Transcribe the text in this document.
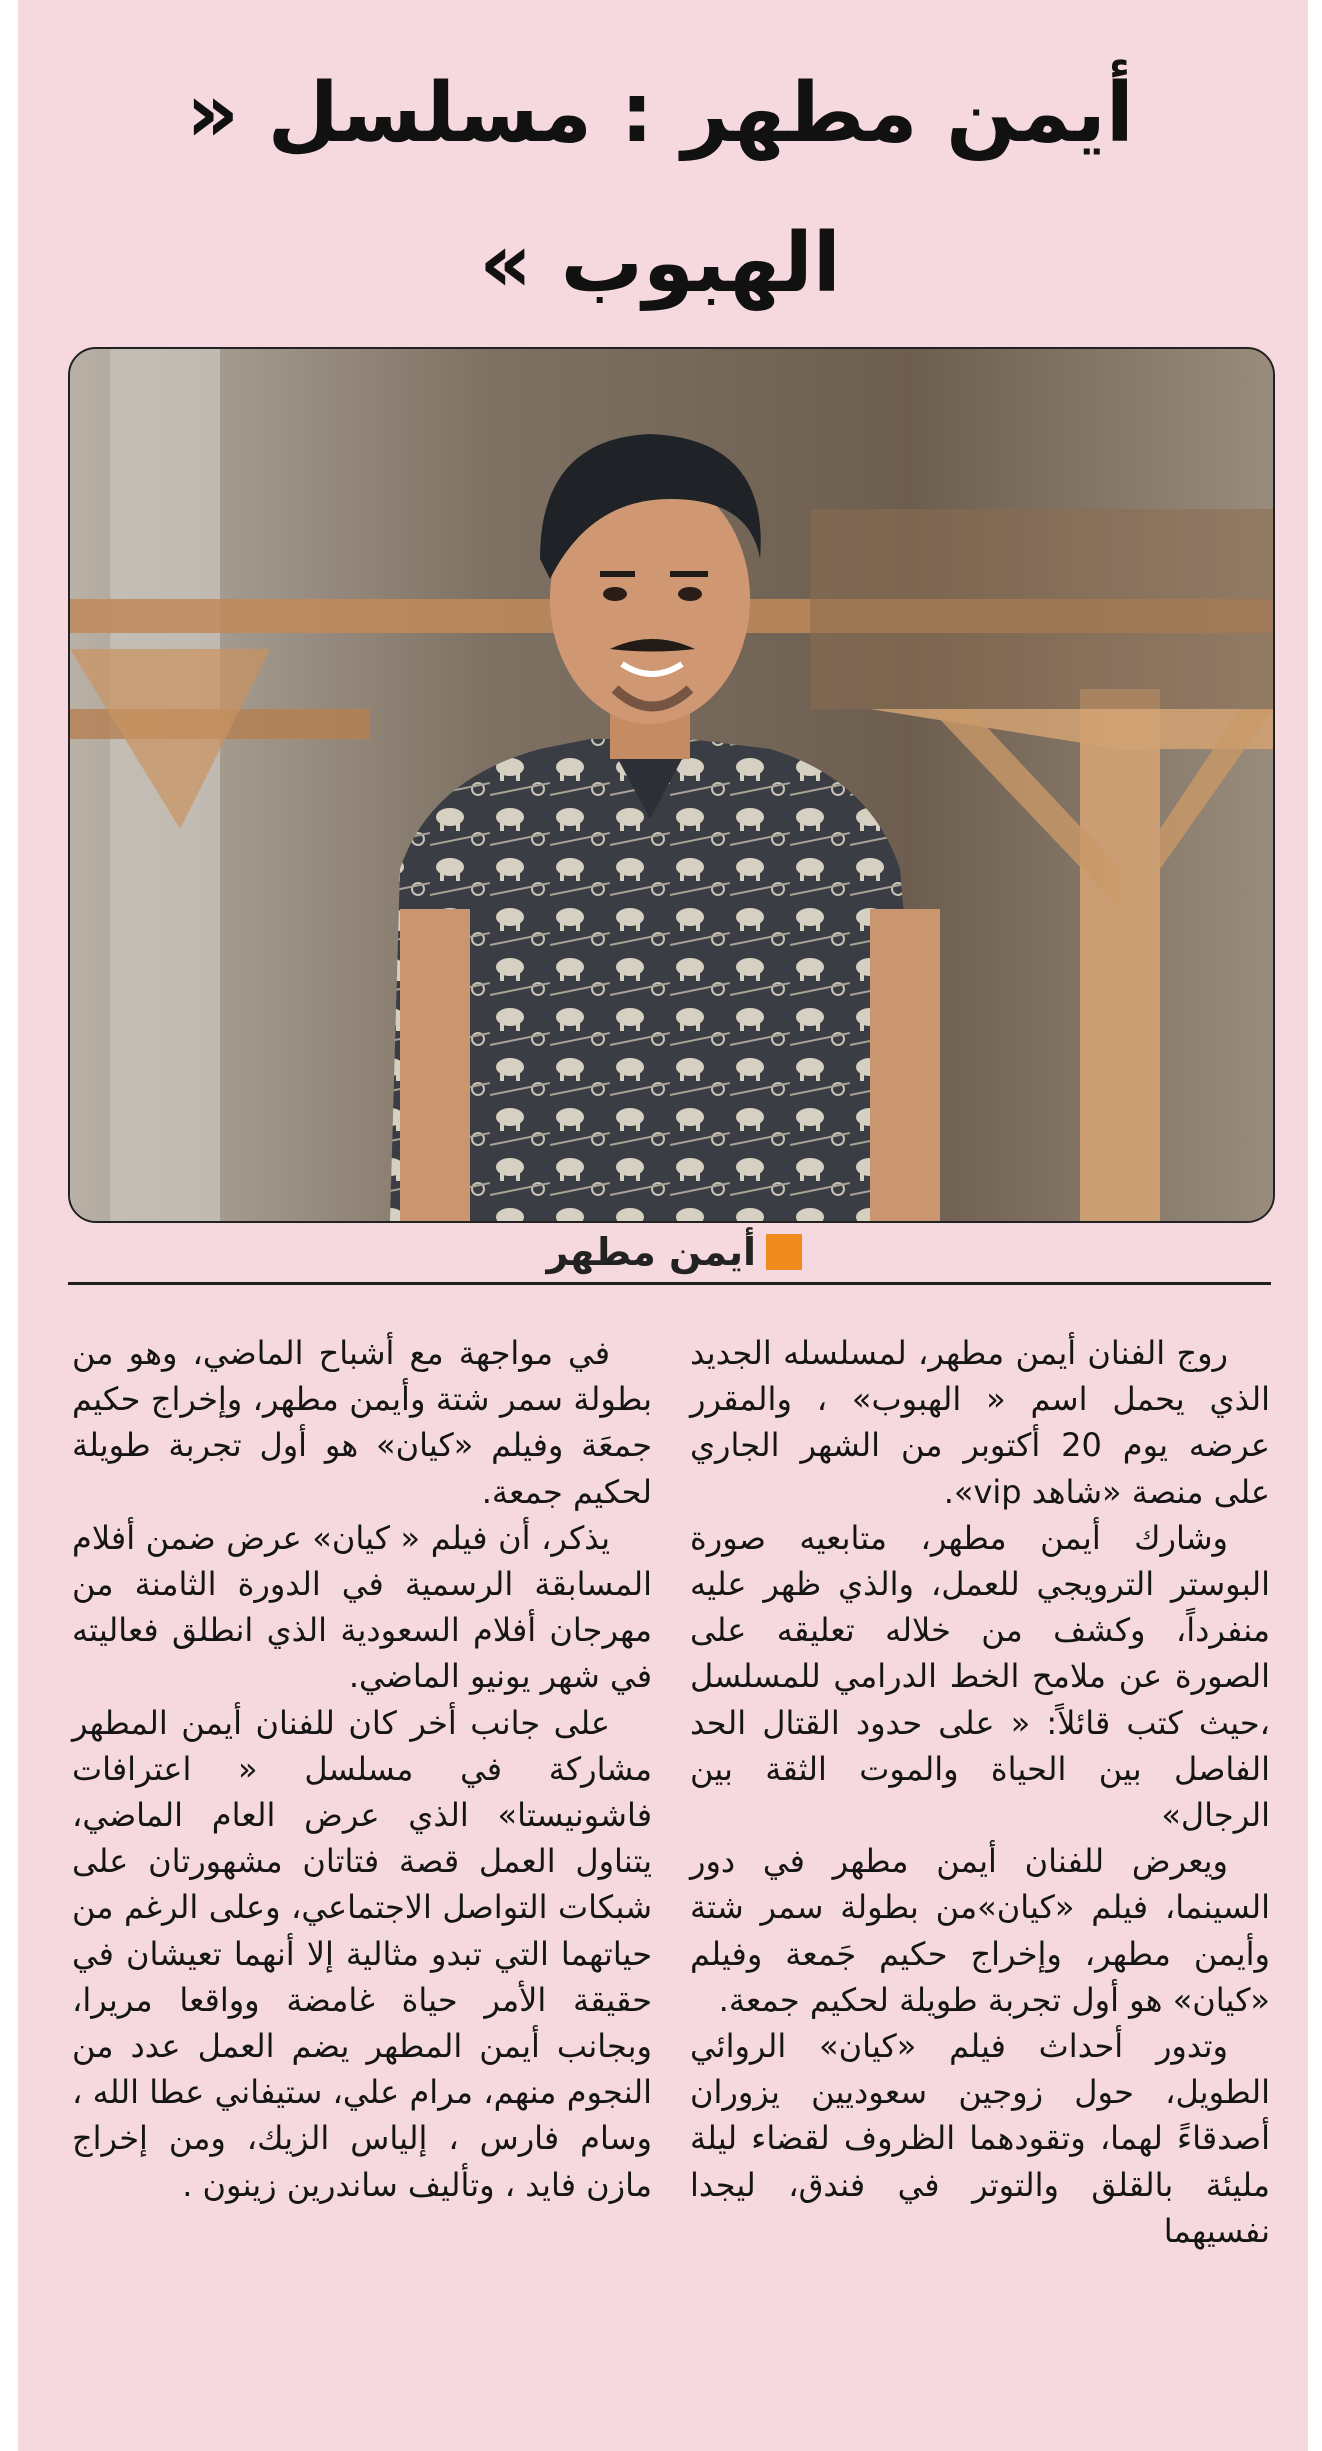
أيمن مطهر : مسلسل « الهبوب »
أيمن مطهر

روج الفنان أيمن مطهر، لمسلسله الجديد الذي يحمل اسم « الهبوب» ، والمقرر عرضه يوم 20 أكتوبر من الشهر الجاري على منصة «شاهد vip».

وشارك أيمن مطهر، متابعيه صورة البوستر الترويجي للعمل، والذي ظهر عليه منفرداً، وكشف من خلاله تعليقه على الصورة عن ملامح الخط الدرامي للمسلسل ،حيث كتب قائلاً: « على حدود القتال الحد الفاصل بين الحياة والموت الثقة بين الرجال»

ويعرض للفنان أيمن مطهر في دور السينما، فيلم «كيان»من بطولة سمر شتة وأيمن مطهر، وإخراج حكيم جَمعة وفيلم «كيان» هو أول تجربة طويلة لحكيم جمعة.

وتدور أحداث فيلم «كيان» الروائي الطويل، حول زوجين سعوديين يزوران أصدقاءً لهما، وتقودهما الظروف لقضاء ليلة مليئة بالقلق والتوتر في فندق، ليجدا نفسيهما

في مواجهة مع أشباح الماضي، وهو من بطولة سمر شتة وأيمن مطهر، وإخراج حكيم جمعَة وفيلم «كيان» هو أول تجربة طويلة لحكيم جمعة.

يذكر، أن فيلم « كيان» عرض ضمن أفلام المسابقة الرسمية في الدورة الثامنة من مهرجان أفلام السعودية الذي انطلق فعاليته في شهر يونيو الماضي.

على جانب أخر كان للفنان أيمن المطهر مشاركة في مسلسل « اعترافات فاشونيستا» الذي عرض العام الماضي، يتناول العمل قصة فتاتان مشهورتان على شبكات التواصل الاجتماعي، وعلى الرغم من حياتهما التي تبدو مثالية إلا أنهما تعيشان في حقيقة الأمر حياة غامضة وواقعا مريرا، وبجانب أيمن المطهر يضم العمل عدد من النجوم منهم، مرام علي، ستيفاني عطا الله ، وسام فارس ، إلياس الزيك، ومن إخراج مازن فايد ، وتأليف ساندرين زينون .
